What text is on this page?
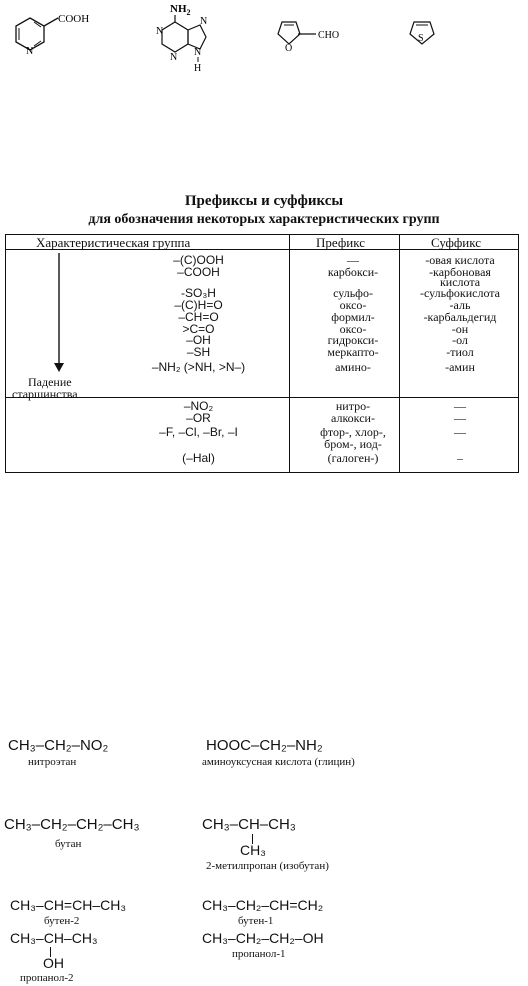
COOH
N
$NH_2$
N
N
N
N
H
O
CHO	S
Префиксы и суффиксы
для обозначения некоторых характеристических групп
Характеристическая группа	Префикс	Суффикс
Падение
старшинства
–(C)OOH	—	-овая кислота
–COOH	карбокси-	-карбоновая
кислота
-SO₃H	сульфо-	-сульфокислота
–(C)H=O	оксо-	-аль
–CH=O	формил-	-карбальдегид
>C=O	оксо-	-он
–OH	гидрокси-	-ол
–SH	меркапто-	-тиол
–NH₂ (>NH, >N–)	амино-	-амин
–NO₂	нитро-	—
–OR	алкокси-	—
–F, –Cl, –Br, –I	фтор-, хлор-,	—
бром-, иод-
(–Hal)	(галоген-)	–
CH₃–CH₂–NO₂
нитроэтан
HOOC–CH₂–NH₂
аминоуксусная кислота (глицин)
CH₃–CH₂–CH₂–CH₃
бутан
CH₃–CH–CH₃
CH₃
2-метилпропан (изобутан)
CH₃–CH=CH–CH₃
бутен-2
CH₃–CH₂–CH=CH₂
бутен-1
CH₃–CH–CH₃
OH
пропанол-2
CH₃–CH₂–CH₂–OH
пропанол-1
